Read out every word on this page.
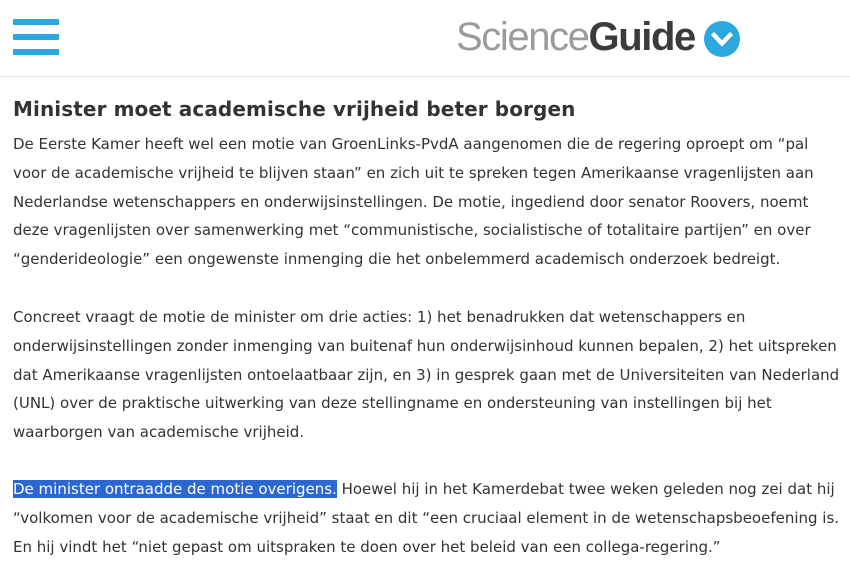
ScienceGuide
Minister moet academische vrijheid beter borgen

De Eerste Kamer heeft wel een motie van GroenLinks-PvdA aangenomen die de regering oproept om “pal voor de academische vrijheid te blijven staan” en zich uit te spreken tegen Amerikaanse vragenlijsten aan Nederlandse wetenschappers en onderwijsinstellingen. De motie, ingediend door senator Roovers, noemt deze vragenlijsten over samenwerking met “communistische, socialistische of totalitaire partijen” en over “genderideologie” een ongewenste inmenging die het onbelemmerd academisch onderzoek bedreigt.

Concreet vraagt de motie de minister om drie acties: 1) het benadrukken dat wetenschappers en onderwijsinstellingen zonder inmenging van buitenaf hun onderwijsinhoud kunnen bepalen, 2) het uitspreken dat Amerikaanse vragenlijsten ontoelaatbaar zijn, en 3) in gesprek gaan met de Universiteiten van Nederland (UNL) over de praktische uitwerking van deze stellingname en ondersteuning van instellingen bij het waarborgen van academische vrijheid.

De minister ontraadde de motie overigens. Hoewel hij in het Kamerdebat twee weken geleden nog zei dat hij “volkomen voor de academische vrijheid” staat en dit “een cruciaal element in de wetenschapsbeoefening is. En hij vindt het “niet gepast om uitspraken te doen over het beleid van een collega-regering.”
